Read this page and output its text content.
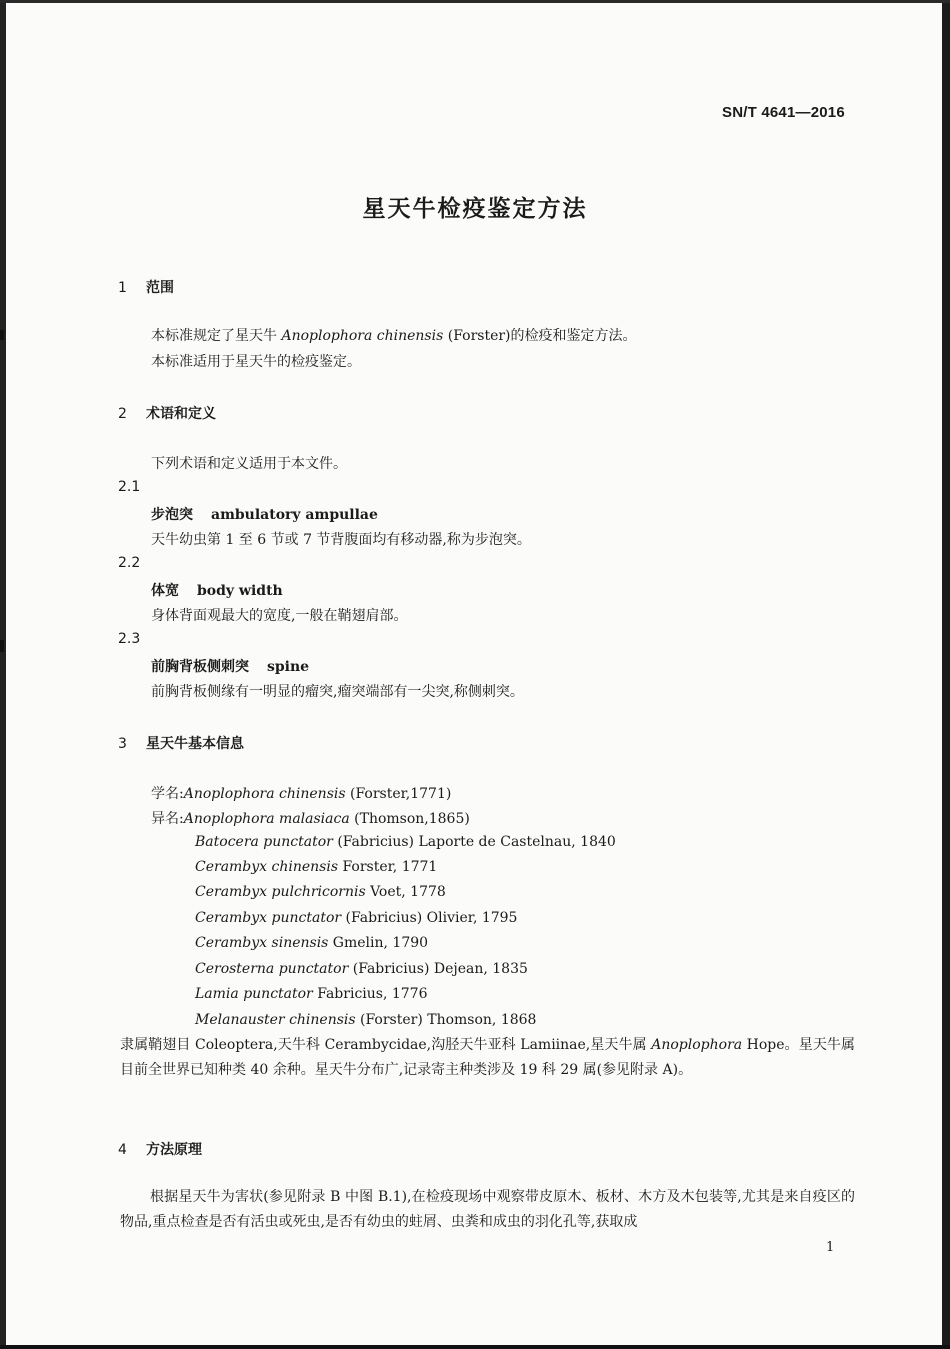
SN/T 4641—2016
星天牛检疫鉴定方法
1 范围
本标准规定了星天牛 Anoplophora chinensis (Forster)的检疫和鉴定方法。
本标准适用于星天牛的检疫鉴定。
2 术语和定义
下列术语和定义适用于本文件。
2.1
步泡突 ambulatory ampullae
天牛幼虫第 1 至 6 节或 7 节背腹面均有移动器,称为步泡突。
2.2
体宽 body width
身体背面观最大的宽度,一般在鞘翅肩部。
2.3
前胸背板侧刺突 spine
前胸背板侧缘有一明显的瘤突,瘤突端部有一尖突,称侧刺突。
3 星天牛基本信息
学名:Anoplophora chinensis (Forster,1771)
异名:Anoplophora malasiaca (Thomson,1865)
Batocera punctator (Fabricius) Laporte de Castelnau, 1840
Cerambyx chinensis Forster, 1771
Cerambyx pulchricornis Voet, 1778
Cerambyx punctator (Fabricius) Olivier, 1795
Cerambyx sinensis Gmelin, 1790
Cerosterna punctator (Fabricius) Dejean, 1835
Lamia punctator Fabricius, 1776
Melanauster chinensis (Forster) Thomson, 1868
隶属鞘翅目 Coleoptera,天牛科 Cerambycidae,沟胫天牛亚科 Lamiinae,星天牛属 Anoplophora Hope。星天牛属目前全世界已知种类 40 余种。星天牛分布广,记录寄主种类涉及 19 科 29 属(参见附录 A)。
4 方法原理
根据星天牛为害状(参见附录 B 中图 B.1),在检疫现场中观察带皮原木、板材、木方及木包装等,尤其是来自疫区的物品,重点检查是否有活虫或死虫,是否有幼虫的蛀屑、虫粪和成虫的羽化孔等,获取成
1
